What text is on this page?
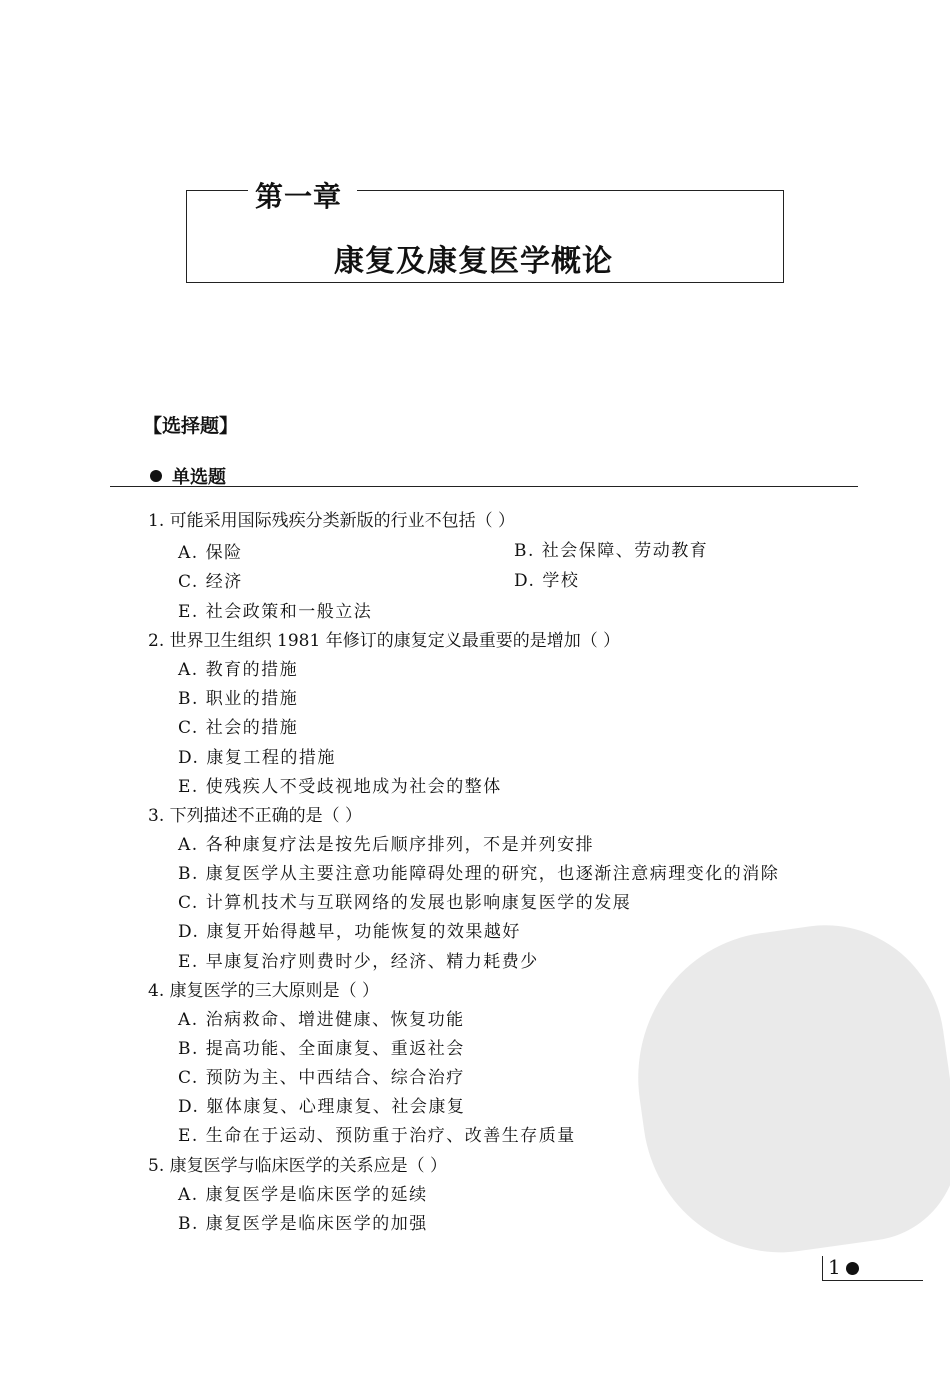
第一章
康复及康复医学概论
【选择题】
单选题
1. 可能采用国际残疾分类新版的行业不包括（ ）
A. 保险	B. 社会保障、劳动教育
C. 经济	D. 学校
E. 社会政策和一般立法
2. 世界卫生组织 1981 年修订的康复定义最重要的是增加（ ）
A. 教育的措施
B. 职业的措施
C. 社会的措施
D. 康复工程的措施
E. 使残疾人不受歧视地成为社会的整体
3. 下列描述不正确的是（ ）
A. 各种康复疗法是按先后顺序排列，不是并列安排
B. 康复医学从主要注意功能障碍处理的研究，也逐渐注意病理变化的消除
C. 计算机技术与互联网络的发展也影响康复医学的发展
D. 康复开始得越早，功能恢复的效果越好
E. 早康复治疗则费时少，经济、精力耗费少
4. 康复医学的三大原则是（ ）
A. 治病救命、增进健康、恢复功能
B. 提高功能、全面康复、重返社会
C. 预防为主、中西结合、综合治疗
D. 躯体康复、心理康复、社会康复
E. 生命在于运动、预防重于治疗、改善生存质量
5. 康复医学与临床医学的关系应是（ ）
A. 康复医学是临床医学的延续
B. 康复医学是临床医学的加强
1
